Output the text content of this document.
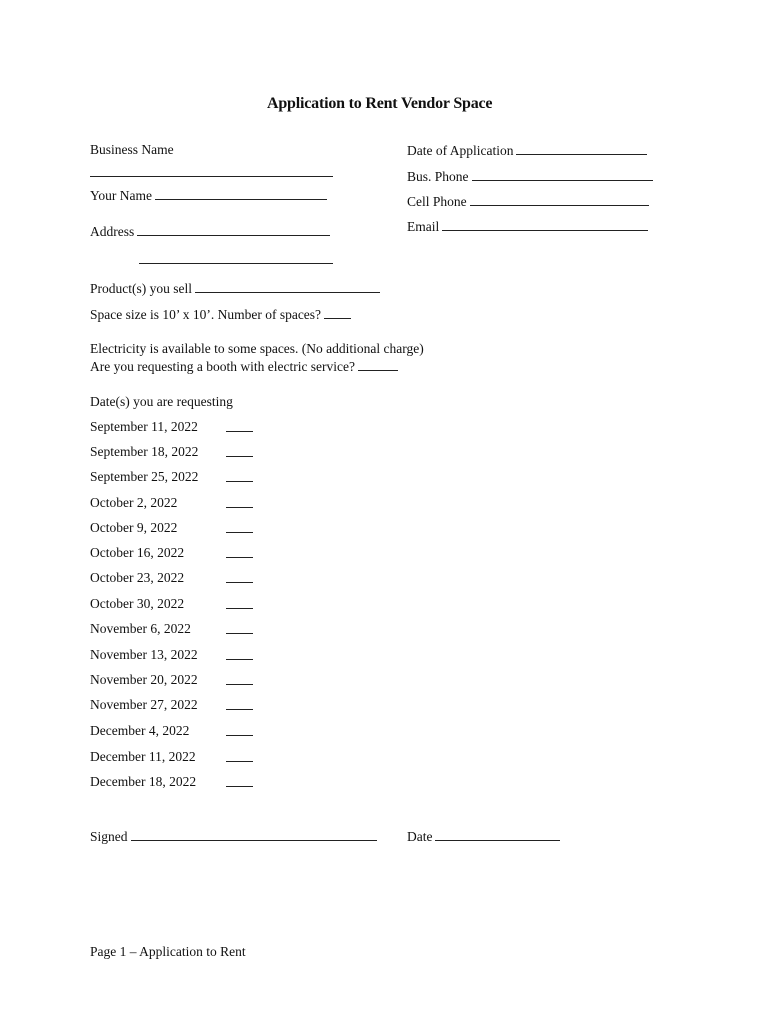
Application to Rent Vendor Space
Business Name
Your Name
Address
Date of Application
Bus. Phone
Cell Phone
Email
Product(s) you sell
Space size is 10’ x 10’. Number of spaces?
Electricity is available to some spaces. (No additional charge)
Are you requesting a booth with electric service?
Date(s) you are requesting
September 11, 2022
September 18, 2022
September 25, 2022
October 2, 2022
October 9, 2022
October 16, 2022
October 23, 2022
October 30, 2022
November 6, 2022
November 13, 2022
November 20, 2022
November 27, 2022
December 4, 2022
December 11, 2022
December 18, 2022
Signed	Date
Page 1 – Application to Rent
